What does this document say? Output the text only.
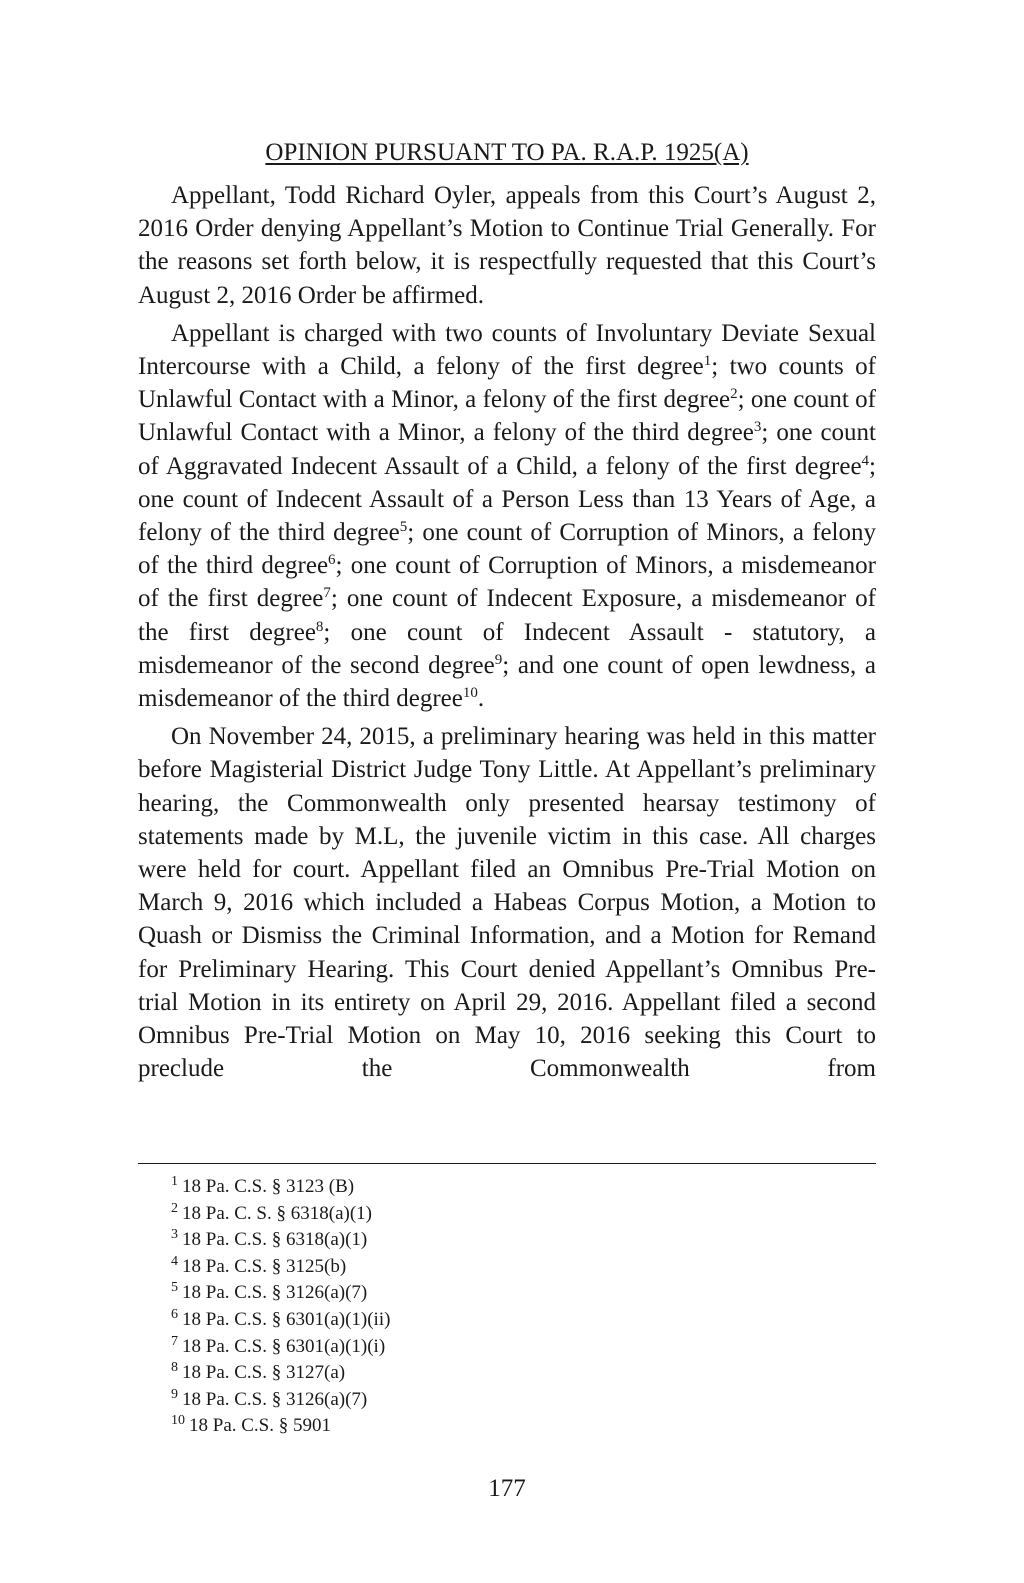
OPINION PURSUANT TO PA. R.A.P. 1925(A)

Appellant, Todd Richard Oyler, appeals from this Court’s August 2, 2016 Order denying Appellant’s Motion to Continue Trial Generally. For the reasons set forth below, it is respectfully requested that this Court’s August 2, 2016 Order be affirmed.

Appellant is charged with two counts of Involuntary Deviate Sexual Intercourse with a Child, a felony of the first degree$^1$; two counts of Unlawful Contact with a Minor, a felony of the first degree$^2$; one count of Unlawful Contact with a Minor, a felony of the third degree$^3$; one count of Aggravated Indecent Assault of a Child, a felony of the first degree$^4$; one count of Indecent Assault of a Person Less than 13 Years of Age, a felony of the third degree$^5$; one count of Corruption of Minors, a felony of the third degree$^6$; one count of Corruption of Minors, a misdemeanor of the first degree$^7$; one count of Indecent Exposure, a misdemeanor of the first degree$^8$; one count of Indecent Assault - statutory, a misdemeanor of the second degree$^9$; and one count of open lewdness, a misdemeanor of the third degree$^{10}$.

On November 24, 2015, a preliminary hearing was held in this matter before Magisterial District Judge Tony Little. At Appellant’s preliminary hearing, the Commonwealth only presented hearsay testimony of statements made by M.L, the juvenile victim in this case. All charges were held for court. Appellant filed an Omnibus Pre-Trial Motion on March 9, 2016 which included a Habeas Corpus Motion, a Motion to Quash or Dismiss the Criminal Information, and a Motion for Remand for Preliminary Hearing. This Court denied Appellant’s Omnibus Pre-trial Motion in its entirety on April 29, 2016. Appellant filed a second Omnibus Pre-Trial Motion on May 10, 2016 seeking this Court to preclude the Commonwealth from

$^1$ 18 Pa. C.S. § 3123 (B)
$^2$ 18 Pa. C. S. § 6318(a)(1)
$^3$ 18 Pa. C.S. § 6318(a)(1)
$^4$ 18 Pa. C.S. § 3125(b)
$^5$ 18 Pa. C.S. § 3126(a)(7)
$^6$ 18 Pa. C.S. § 6301(a)(1)(ii)
$^7$ 18 Pa. C.S. § 6301(a)(1)(i)
$^8$ 18 Pa. C.S. § 3127(a)
$^9$ 18 Pa. C.S. § 3126(a)(7)
$^{10}$ 18 Pa. C.S. § 5901
177
